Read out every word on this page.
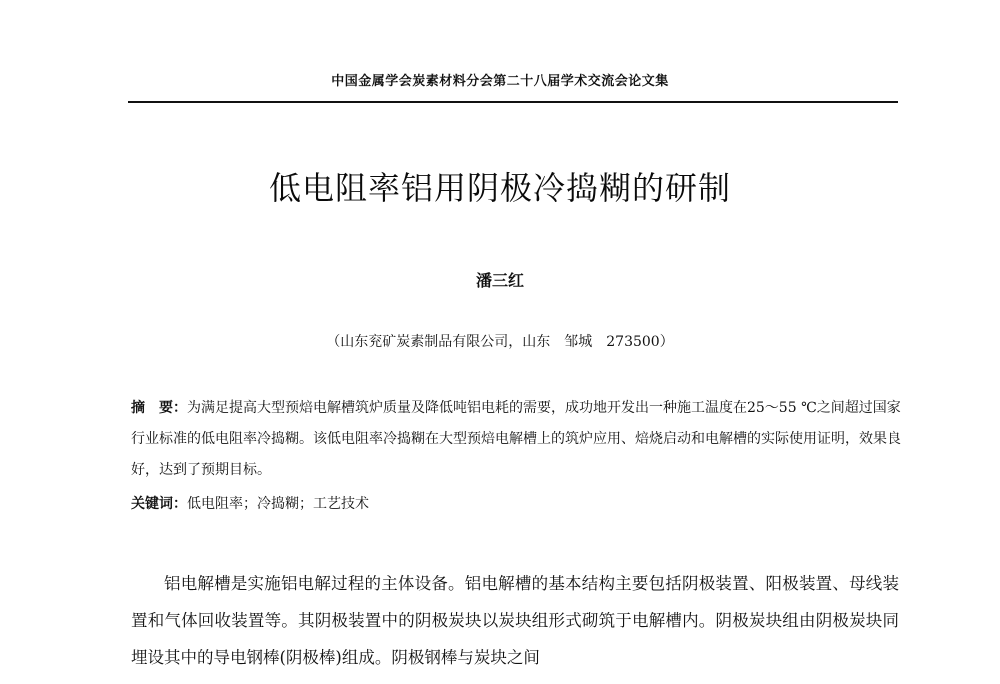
中国金属学会炭素材料分会第二十八届学术交流会论文集
低电阻率铝用阴极冷捣糊的研制
潘三红
（山东兖矿炭素制品有限公司，山东　邹城　273500）
摘　要：为满足提高大型预焙电解槽筑炉质量及降低吨铝电耗的需要，成功地开发出一种施工温度在25～55 ℃之间超过国家行业标准的低电阻率冷捣糊。该低电阻率冷捣糊在大型预焙电解槽上的筑炉应用、焙烧启动和电解槽的实际使用证明，效果良好，达到了预期目标。
关键词：低电阻率；冷捣糊；工艺技术
铝电解槽是实施铝电解过程的主体设备。铝电解槽的基本结构主要包括阴极装置、阳极装置、母线装置和气体回收装置等。其阴极装置中的阴极炭块以炭块组形式砌筑于电解槽内。阴极炭块组由阴极炭块同埋设其中的导电钢棒(阴极棒)组成。阴极钢棒与炭块之间
